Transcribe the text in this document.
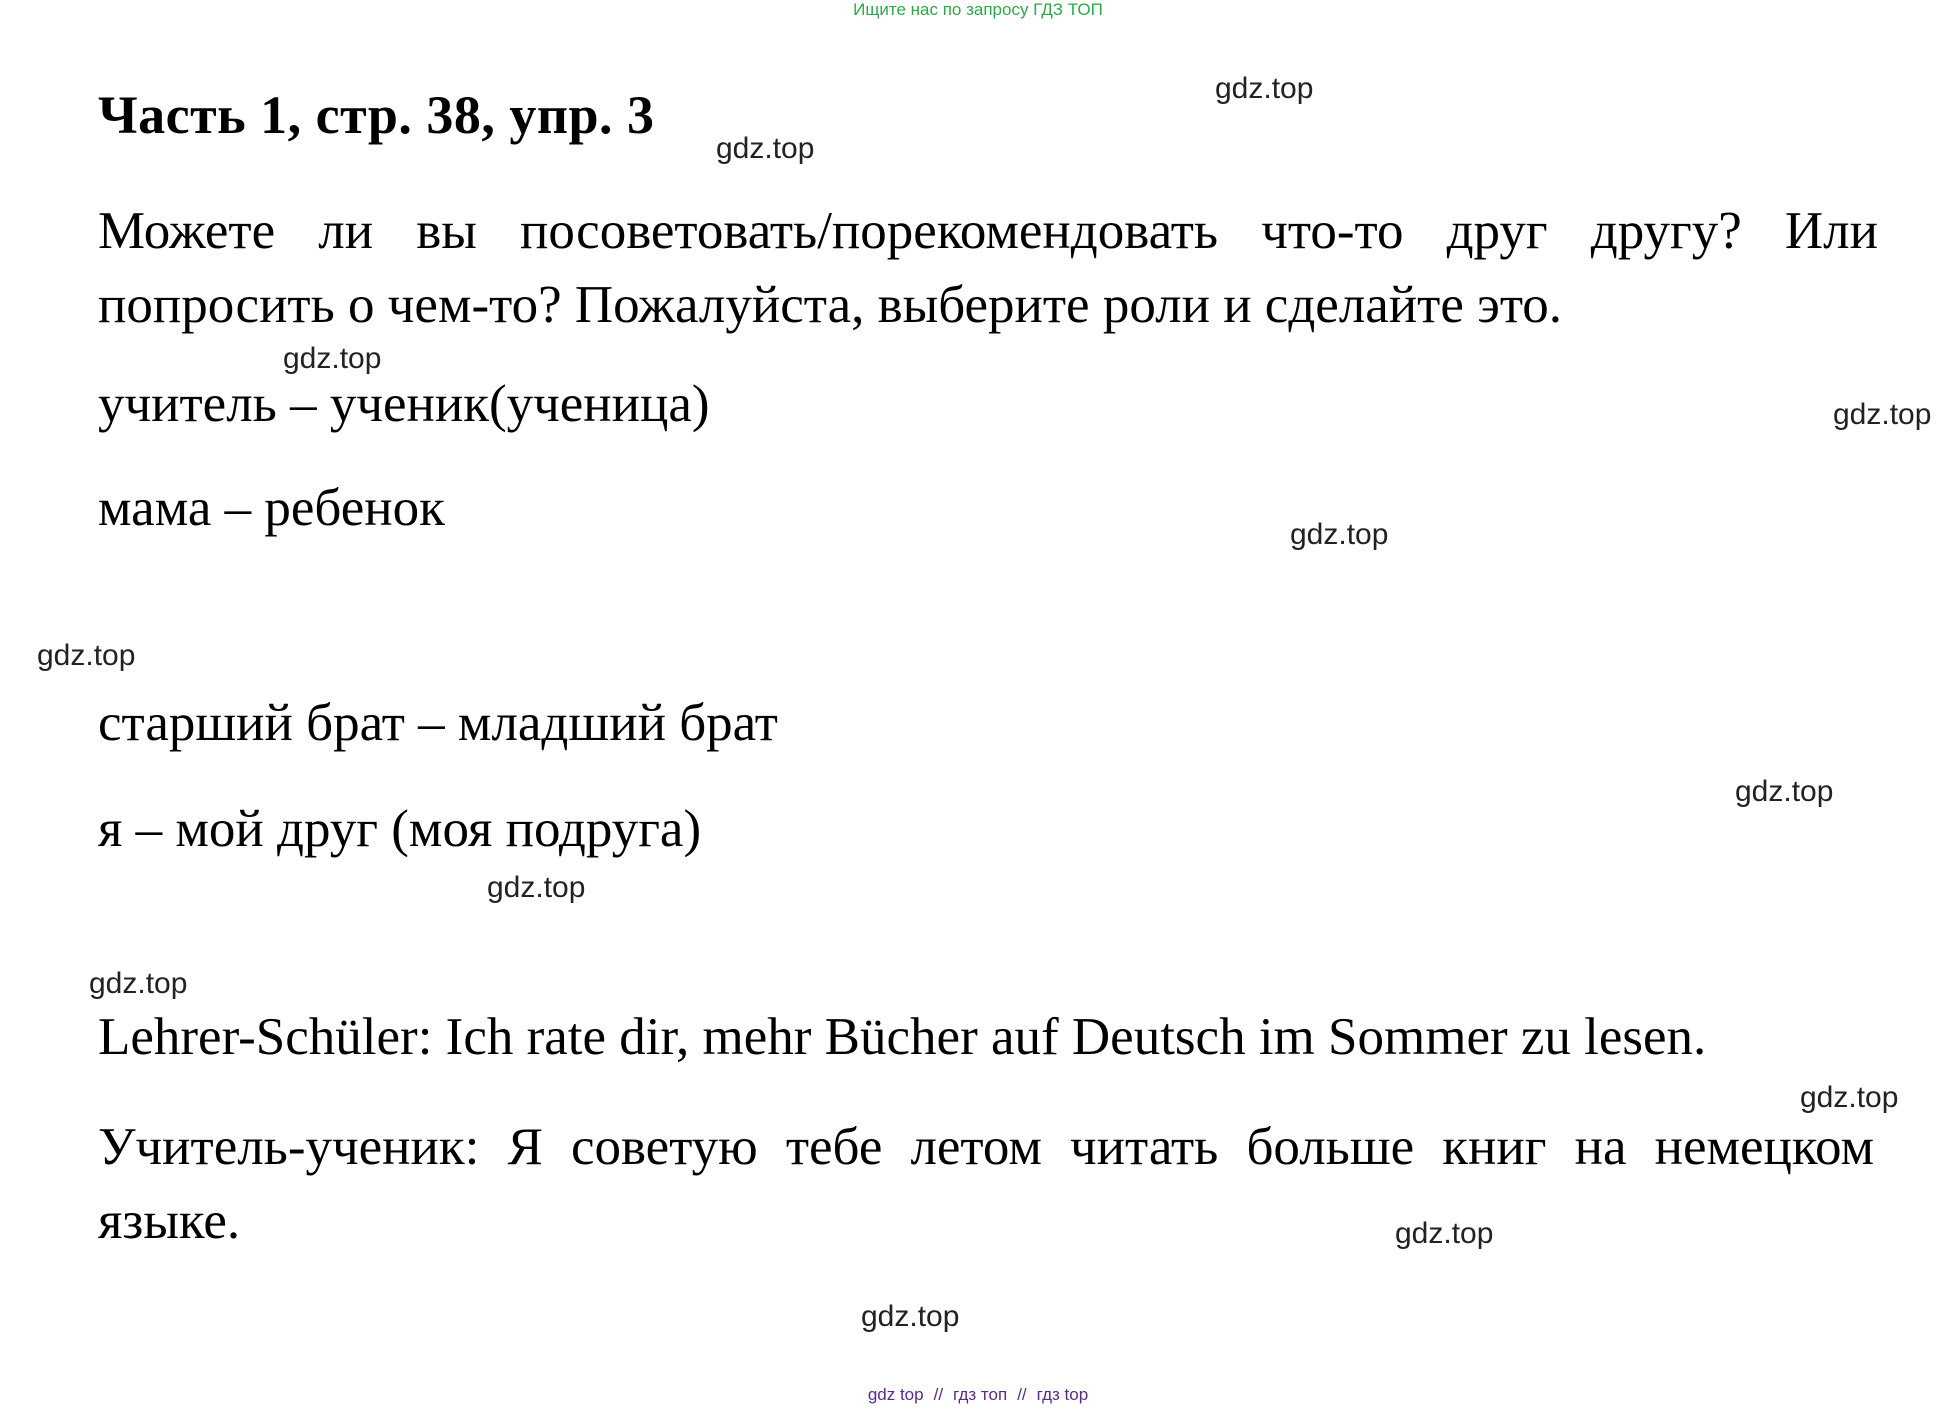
Ищите нас по запросу ГДЗ ТОП
Часть 1, стр. 38, упр. 3
Можете ли вы посоветовать/порекомендовать что-то друг другу? Или попросить о чем-то? Пожалуйста, выберите роли и сделайте это.
учитель – ученик(ученица)
мама – ребенок
старший брат – младший брат
я – мой друг (моя подруга)
Lehrer-Schüler: Ich rate dir, mehr Bücher auf Deutsch im Sommer zu lesen.
Учитель-ученик: Я советую тебе летом читать больше книг на немецком языке.
gdz.top
gdz.top
gdz.top
gdz.top
gdz.top
gdz.top
gdz.top
gdz.top
gdz.top
gdz.top
gdz.top
gdz.top
gdz top // гдз топ // гдз top
